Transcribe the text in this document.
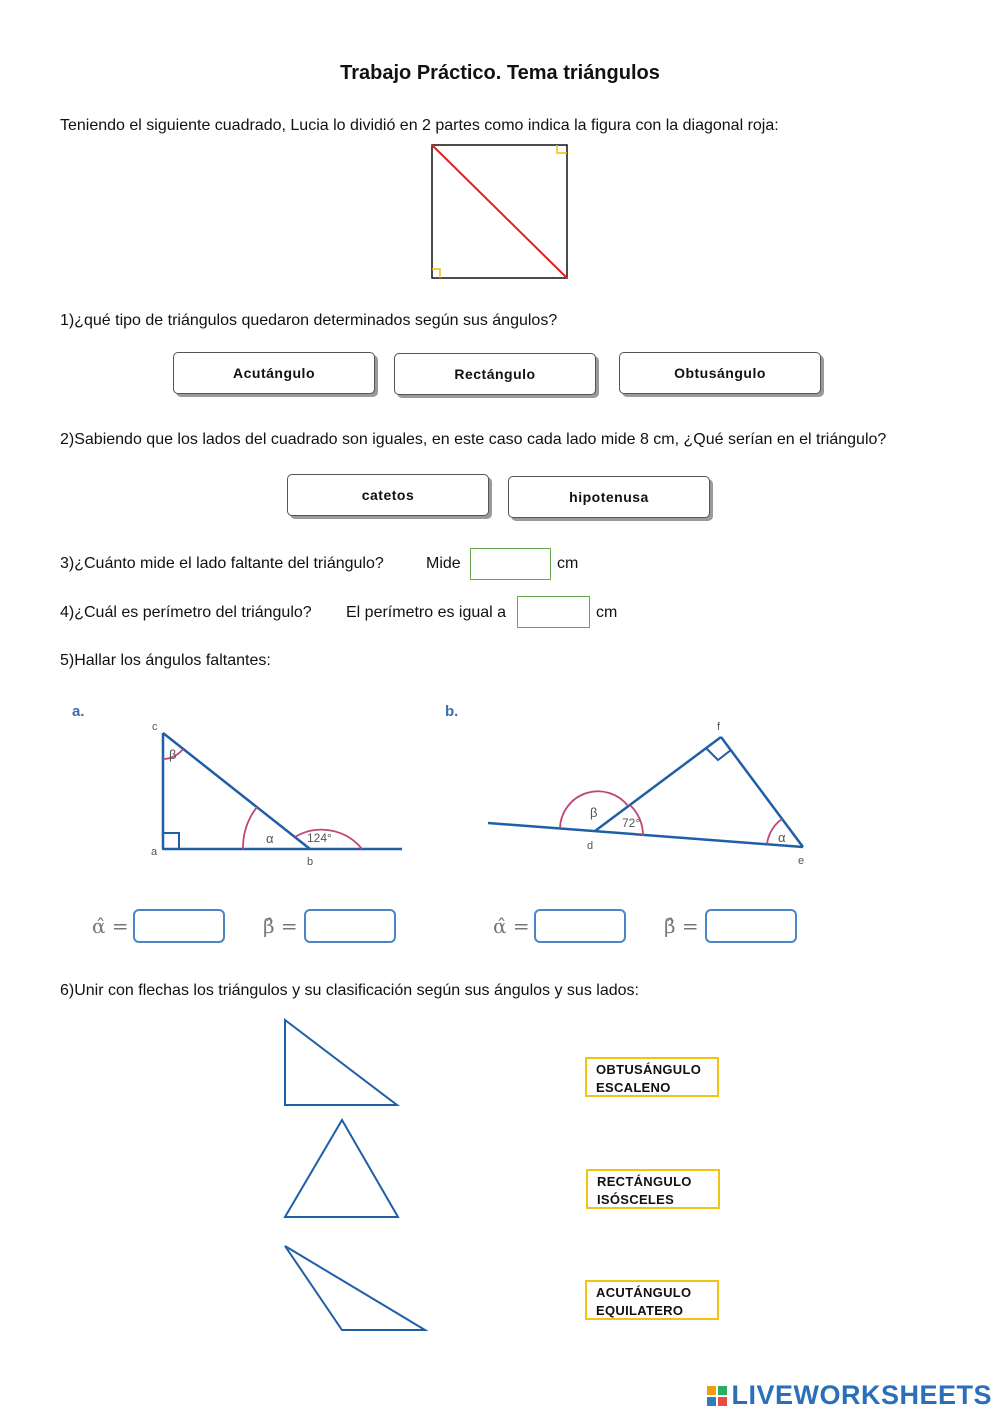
Trabajo Práctico. Tema triángulos
Teniendo el siguiente cuadrado, Lucia lo dividió en 2 partes como indica la figura con la diagonal roja:
1)¿qué tipo de triángulos quedaron determinados según sus ángulos?
Acutángulo	Rectángulo	Obtusángulo
2)Sabiendo que los lados del cuadrado son iguales, en este caso cada lado mide 8 cm, ¿Qué serían en el triángulo?
catetos	hipotenusa
3)¿Cuánto mide el lado faltante del triángulo?	Mide	cm
4)¿Cuál es perímetro del triángulo? El perímetro es igual a	cm
5)Hallar los ángulos faltantes:
a.
c
a
b
β
α	124°
b.
f
d
e
β
α
72°
α̂ =	β̂ =	α̂ =	β̂ =
6)Unir con flechas los triángulos y su clasificación según sus ángulos y sus lados:
OBTUSÁNGULO
ESCALENO
RECTÁNGULO
ISÓSCELES
ACUTÁNGULO
EQUILATERO
LIVEWORKSHEETS
